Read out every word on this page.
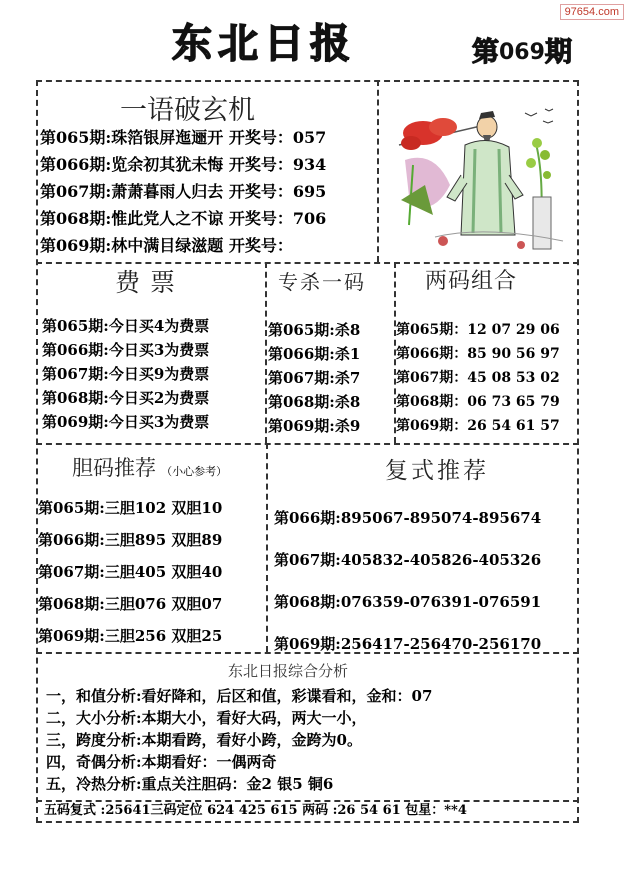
97654.com
东北日报	第069期
一语破玄机
第065期:珠箔银屏迤逦开 开奖号：057
第066期:览余初其犹未悔 开奖号：934
第067期:萧萧暮雨人归去 开奖号：695
第068期:惟此党人之不谅 开奖号：706
第069期:林中满目绿滋题 开奖号：
费票
第065期:今日买4为费票
第066期:今日买3为费票
第067期:今日买9为费票
第068期:今日买2为费票
第069期:今日买3为费票
专杀一码
第065期:杀8
第066期:杀1
第067期:杀7
第068期:杀8
第069期:杀9
两码组合
第065期：12 07 29 06
第066期：85 90 56 97
第067期：45 08 53 02
第068期：06 73 65 79
第069期：26 54 61 57
胆码推荐 （小心参考）
第065期:三胆102 双胆10
第066期:三胆895 双胆89
第067期:三胆405 双胆40
第068期:三胆076 双胆07
第069期:三胆256 双胆25
复式推荐
第066期:895067-895074-895674
第067期:405832-405826-405326
第068期:076359-076391-076591
第069期:256417-256470-256170
东北日报综合分析
一，和值分析:看好降和，后区和值，彩谍看和，金和：07
二，大小分析:本期大小，看好大码，两大一小，
三，跨度分析:本期看跨，看好小跨，金跨为0。
四，奇偶分析:本期看好：一偶两奇
五，冷热分析:重点关注胆码：金2 银5 铜6
五码复式 :25641三码定位 624 425 615 两码 :26 54 61 包星：**4
